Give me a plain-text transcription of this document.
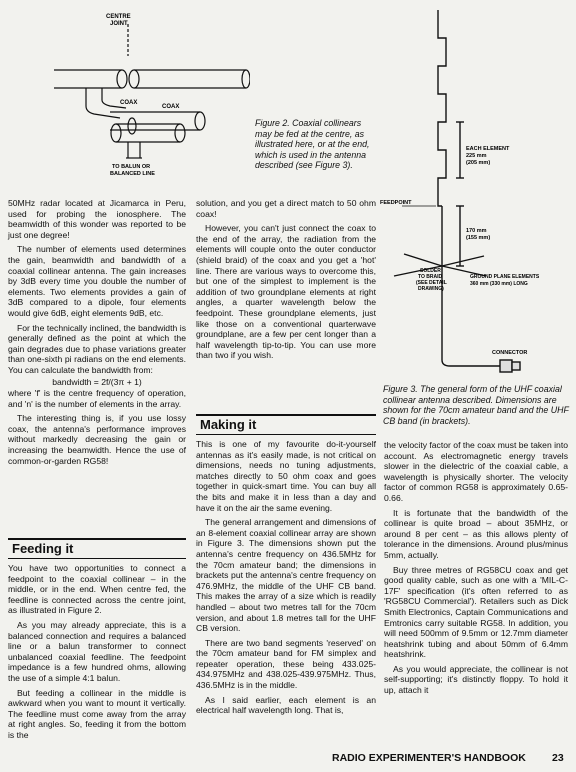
CENTRE
JOINT
COAX
COAX
TO BALUN OR
BALANCED LINE
Figure 2. Coaxial collinears may be fed at the centre, as illustrated here, or at the end, which is used in the antenna described (see Figure 3).
EACH ELEMENT
225 mm
(205 mm)
FEEDPOINT
170 mm
(155 mm)
SOLDER
TO BRAID
(SEE DETAIL
DRAWING)
GROUND PLANE ELEMENTS
360 mm (330 mm) LONG
CONNECTOR
Figure 3. The general form of the UHF coaxial collinear antenna described. Dimensions are shown for the 70cm amateur band and the UHF CB band (in brackets).

50MHz radar located at Jicamarca in Peru, used for probing the ionosphere. The beamwidth of this wonder was reported to be just one degree!

The number of elements used determines the gain, beamwidth and bandwidth of a coaxial collinear antenna. The gain increases by 3dB every time you double the number of elements. Two elements provides a gain of 3dB compared to a dipole, four elements would give 6dB, eight elements 9dB, etc.

For the technically inclined, the bandwidth is generally defined as the point at which the gain degrades due to phase variations greater than one-sixth pi radians on the end elements. You can calculate the bandwidth from:

bandwidth = 2f/(3π + 1)

where 'f' is the centre frequency of operation, and 'n' is the number of elements in the array.

The interesting thing is, if you use lossy coax, the antenna's performance improves without markedly decreasing the gain or increasing the beamwidth. Hence the use of common-or-garden RG58!

Feeding it

You have two opportunities to connect a feedpoint to the coaxial collinear – in the middle, or in the end. When centre fed, the feedline is connected across the centre joint, as illustrated in Figure 2.

As you may already appreciate, this is a balanced connection and requires a balanced line or a balun transformer to connect unbalanced coaxial feedline. The feedpoint impedance is a few hundred ohms, allowing the use of a simple 4:1 balun.

But feeding a collinear in the middle is awkward when you want to mount it vertically. The feedline must come away from the array at right angles. So, feeding it from the bottom is the

solution, and you get a direct match to 50 ohm coax!

However, you can't just connect the coax to the end of the array, the radiation from the elements will couple onto the outer conductor (shield braid) of the coax and you get a 'hot' line. There are various ways to overcome this, but one of the simplest to implement is the addition of two groundplane elements at right angles, a quarter wavelength below the feedpoint. These groundplane elements, just like those on a conventional quarterwave groundplane, are a few per cent longer than a half wavelength tip-to-tip. You can use more than two if you wish.

Making it

This is one of my favourite do-it-yourself antennas as it's easily made, is not critical on dimensions, needs no tuning adjustments, matches directly to 50 ohm coax and goes together in quick-smart time. You can buy all the bits and make it in less than a day and have it on the air the same evening.

The general arrangement and dimensions of an 8-element coaxial collinear array are shown in Figure 3. The dimensions shown put the antenna's centre frequency on 436.5MHz for the 70cm amateur band; the dimensions in brackets put the antenna's centre frequency on 476.9MHz, the middle of the UHF CB band. This makes the array of a size which is readily handled – about two metres tall for the 70cm version, and about 1.8 metres tall for the UHF CB version.

There are two band segments 'reserved' on the 70cm amateur band for FM simplex and repeater operation, these being 433.025-434.975MHz and 438.025-439.975MHz. Thus, 436.5MHz is in the middle.

As I said earlier, each element is an electrical half wavelength long. That is,

the velocity factor of the coax must be taken into account. As electromagnetic energy travels slower in the dielectric of the coaxial cable, a wavelength is physically shorter. The velocity factor of common RG58 is approximately 0.65-0.66.

It is fortunate that the bandwidth of the collinear is quite broad – about 35MHz, or around 8 per cent – as this allows plenty of tolerance in the dimensions. Around plus/minus 5mm, actually.

Buy three metres of RG58CU coax and get good quality cable, such as one with a 'MIL-C-17F' specification (it's often referred to as 'RG58CU Commercial'). Retailers such as Dick Smith Electronics, Captain Communications and Emtronics carry suitable RG58. In addition, you will need 500mm of 9.5mm or 12.7mm diameter heatshrink tubing and about 50mm of 6.4mm heatshrink.

As you would appreciate, the collinear is not self-supporting; it's distinctly floppy. To hold it up, attach it

RADIO EXPERIMENTER'S HANDBOOK 23
